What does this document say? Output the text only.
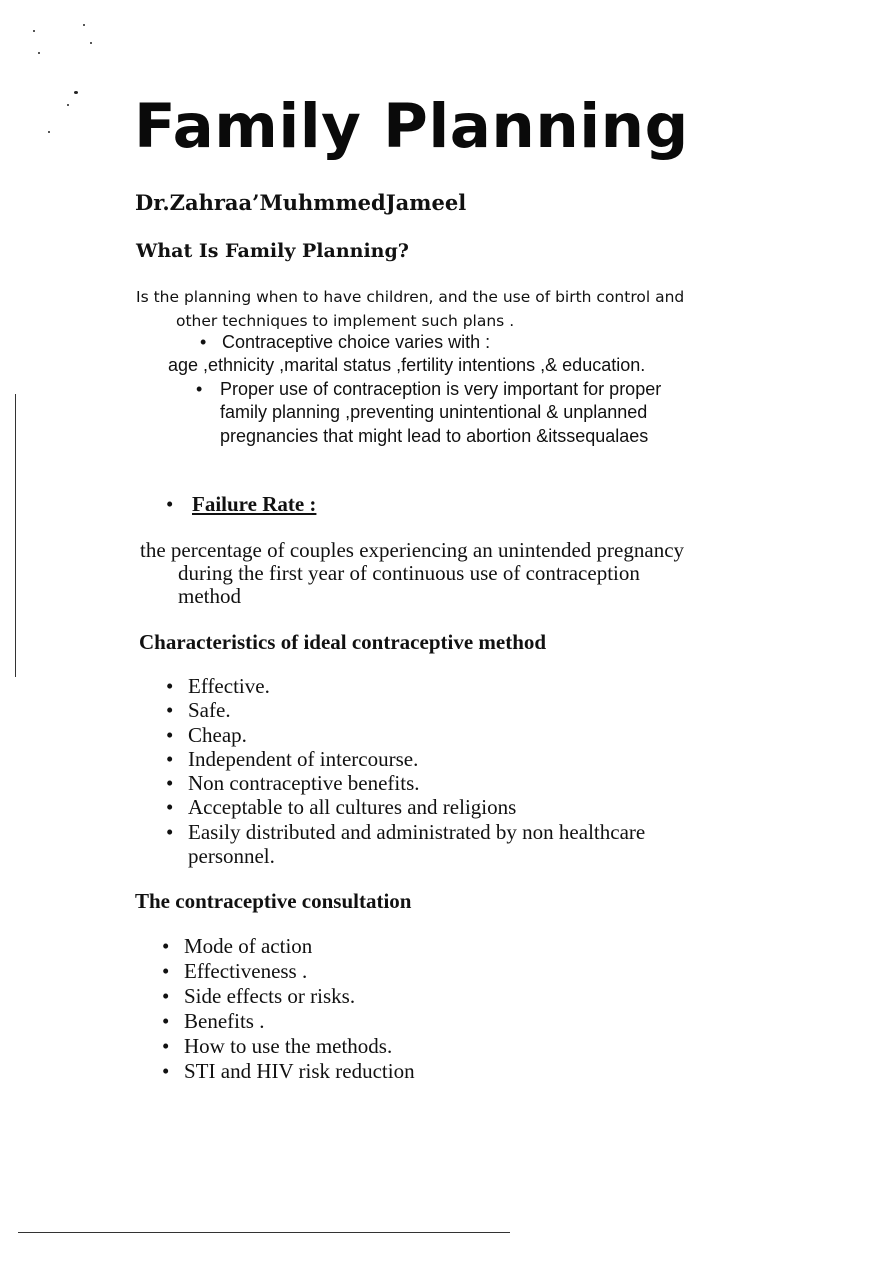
Family Planning
Dr.Zahraa’MuhmmedJameel
What Is Family Planning?
Is the planning when to have children, and the use of birth control and
other techniques to implement such plans .
• Contraceptive choice varies with :
age ,ethnicity ,marital status ,fertility intentions ,& education.
• Proper use of contraception is very important for proper
family planning ,preventing unintentional & unplanned
pregnancies that might lead to abortion &itssequalaes
• Failure Rate :
the percentage of couples experiencing an unintended pregnancy
during the first year of continuous use of contraception
method
Characteristics of ideal contraceptive method
• Effective.
• Safe.
• Cheap.
• Independent of intercourse.
• Non contraceptive benefits.
• Acceptable to all cultures and religions
• Easily distributed and administrated by non healthcare
personnel.
The contraceptive consultation
• Mode of action
• Effectiveness .
• Side effects or risks.
• Benefits .
• How to use the methods.
• STI and HIV risk reduction
